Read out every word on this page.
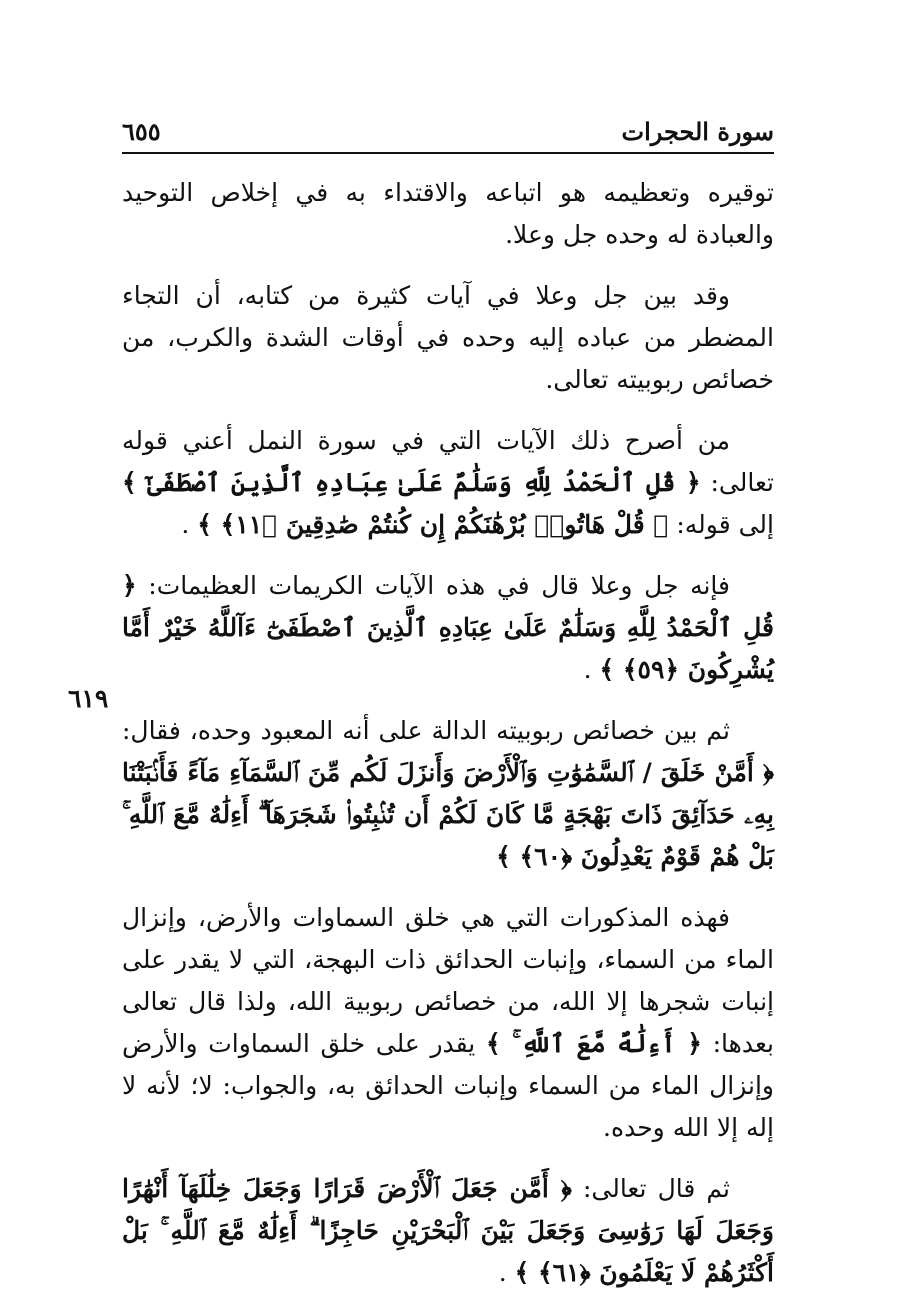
سورة الحجرات
٦٥٥
٦١٩

توقيره وتعظيمه هو اتباعه والاقتداء به في إخلاص التوحيد والعبادة له وحده جل وعلا.

وقد بين جل وعلا في آيات كثيرة من كتابه، أن التجاء المضطر من عباده إليه وحده في أوقات الشدة والكرب، من خصائص ربوبيته تعالى.

من أصرح ذلك الآيات التي في سورة النمل أعني قوله تعالى: ﴿ قُلِ ٱلْحَمْدُ لِلَّهِ وَسَلَٰمٌ عَلَىٰ عِبَادِهِ ٱلَّذِينَ ٱصْطَفَىٰٓ ﴾ إلى قوله: ﴿ قُلْ هَاتُوا۟ بُرْهَٰنَكُمْ إِن كُنتُمْ صَٰدِقِينَ ﴿١١﴾ ﴾ .

فإنه جل وعلا قال في هذه الآيات الكريمات العظيمات: ﴿ قُلِ ٱلْحَمْدُ لِلَّهِ وَسَلَٰمٌ عَلَىٰ عِبَادِهِ ٱلَّذِينَ ٱصْطَفَىٰٓ ءَآللَّهُ خَيْرٌ أَمَّا يُشْرِكُونَ ﴿٥٩﴾ ﴾ .

ثم بين خصائص ربوبيته الدالة على أنه المعبود وحده، فقال: ﴿ أَمَّنْ خَلَقَ / ٱلسَّمَٰوَٰتِ وَٱلْأَرْضَ وَأَنزَلَ لَكُم مِّنَ ٱلسَّمَآءِ مَآءً فَأَنۢبَتْنَا بِهِۦ حَدَآئِقَ ذَاتَ بَهْجَةٍ مَّا كَانَ لَكُمْ أَن تُنۢبِتُوا۟ شَجَرَهَآ ۗ أَءِلَٰهٌ مَّعَ ٱللَّهِ ۚ بَلْ هُمْ قَوْمٌ يَعْدِلُونَ ﴿٦٠﴾ ﴾

فهذه المذكورات التي هي خلق السماوات والأرض، وإنزال الماء من السماء، وإنبات الحدائق ذات البهجة، التي لا يقدر على إنبات شجرها إلا الله، من خصائص ربوبية الله، ولذا قال تعالى بعدها: ﴿ أَءِلَٰهٌ مَّعَ ٱللَّهِ ۚ ﴾ يقدر على خلق السماوات والأرض وإنزال الماء من السماء وإنبات الحدائق به، والجواب: لا؛ لأنه لا إله إلا الله وحده.

ثم قال تعالى: ﴿ أَمَّن جَعَلَ ٱلْأَرْضَ قَرَارًا وَجَعَلَ خِلَٰلَهَآ أَنْهَٰرًا وَجَعَلَ لَهَا رَوَٰسِىَ وَجَعَلَ بَيْنَ ٱلْبَحْرَيْنِ حَاجِزًا ۗ أَءِلَٰهٌ مَّعَ ٱللَّهِ ۚ بَلْ أَكْثَرُهُمْ لَا يَعْلَمُونَ ﴿٦١﴾ ﴾ .
